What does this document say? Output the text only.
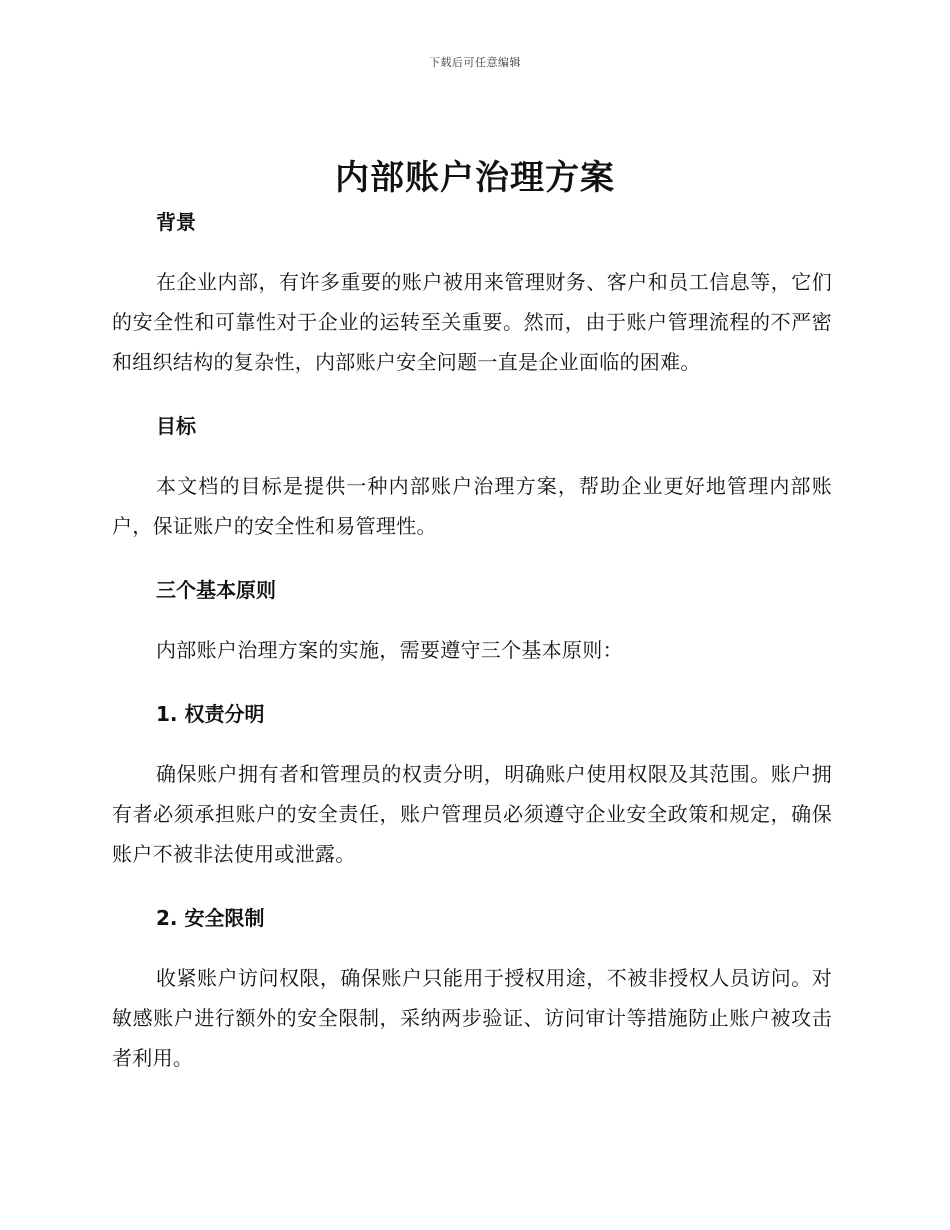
下载后可任意编辑
内部账户治理方案
背景

在企业内部，有许多重要的账户被用来管理财务、客户和员工信息等，它们的安全性和可靠性对于企业的运转至关重要。然而，由于账户管理流程的不严密和组织结构的复杂性，内部账户安全问题一直是企业面临的困难。

目标

本文档的目标是提供一种内部账户治理方案，帮助企业更好地管理内部账户，保证账户的安全性和易管理性。

三个基本原则

内部账户治理方案的实施，需要遵守三个基本原则：

1. 权责分明

确保账户拥有者和管理员的权责分明，明确账户使用权限及其范围。账户拥有者必须承担账户的安全责任，账户管理员必须遵守企业安全政策和规定，确保账户不被非法使用或泄露。

2. 安全限制

收紧账户访问权限，确保账户只能用于授权用途，不被非授权人员访问。对敏感账户进行额外的安全限制，采纳两步验证、访问审计等措施防止账户被攻击者利用。
